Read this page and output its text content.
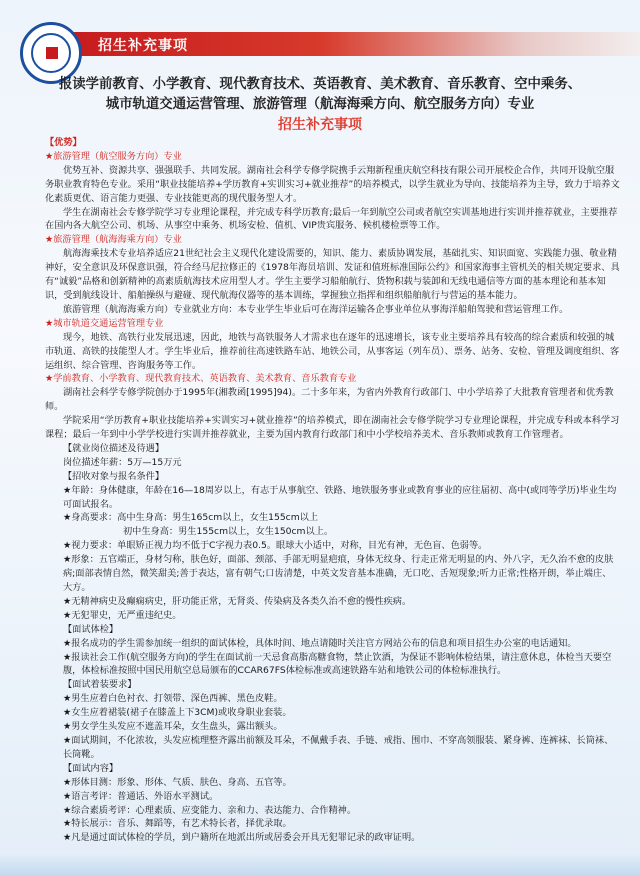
招生补充事项
报读学前教育、小学教育、现代教育技术、英语教育、美术教育、音乐教育、空中乘务、
城市轨道交通运营管理、旅游管理（航海海乘方向、航空服务方向）专业
招生补充事项

【优势】

★旅游管理（航空服务方向）专业

优势互补、资源共享、强强联手、共同发展。湖南社会科学专修学院携手云翔新程重庆航空科技有限公司开展校企合作，共同开设航空服务职业教育特色专业。采用“职业技能培养+学历教育+实训实习+就业推荐”的培养模式，以学生就业为导向、技能培养为主导，致力于培养文化素质更优、语言能力更强、专业技能更高的现代服务型人才。

学生在湖南社会专修学院学习专业理论课程，并完成专科学历教育;最后一年到航空公司或者航空实训基地进行实训并推荐就业，主要推荐在国内各大航空公司、机场、从事空中乘务、机场安检、值机、VIP贵宾服务、候机楼检票等工作。

★旅游管理（航海海乘方向）专业

航海海乘技术专业培养适应21世纪社会主义现代化建设需要的，知识、能力、素质协调发展，基础扎实、知识面宽、实践能力强、敬业精神好，安全意识及环保意识强，符合经马尼拉修正的《1978年海员培训、发证和值班标准国际公约》和国家海事主管机关的相关规定要求、具有“诚毅”品格和创新精神的高素质航海技术应用型人才。学生主要学习船舶航行、货物积载与装卸和无线电通信等方面的基本理论和基本知识，受到航线设计、船舶操纵与避碰、现代航海仪器等的基本训练，掌握独立指挥和组织船舶航行与营运的基本能力。

旅游管理（航海海乘方向）专业就业方向：本专业学生毕业后可在海洋运输各企事业单位从事海洋船舶驾驶和营运管理工作。

★城市轨道交通运营管理专业

现今，地铁、高铁行业发展迅速，因此，地铁与高铁服务人才需求也在逐年的迅速增长，该专业主要培养具有较高的综合素质和较强的城市轨道、高铁的技能型人才。学生毕业后，推荐前往高速铁路车站、地铁公司，从事客运（列车员）、票务、站务、安检、管理及调度组织、客运组织、综合管理、咨询服务等工作。

★学前教育、小学教育、现代教育技术、英语教育、美术教育、音乐教育专业

湖南社会科学专修学院创办于1995年(湘教函[1995]94)。二十多年来，为省内外教育行政部门、中小学培养了大批教育管理者和优秀教师。

学院采用“学历教育+职业技能培养+实训实习+就业推荐”的培养模式，即在湖南社会专修学院学习专业理论课程，并完成专科或本科学习课程；最后一年到中小学学校进行实训并推荐就业，主要为国内教育行政部门和中小学校培养美术、音乐教师或教育工作管理者。

【就业岗位描述及待遇】

岗位描述年薪：5万—15万元

【招收对象与报名条件】

★年龄：身体健康，年龄在16—18周岁以上，有志于从事航空、铁路、地铁服务事业或教育事业的应往届初、高中(或同等学历)毕业生均可面试报名。

★身高要求：高中生身高：男生165cm以上，女生155cm以上

初中生身高：男生155cm以上，女生150cm以上。

★视力要求：单眼矫正视力均不低于C字视力表0.5。眼球大小适中，对称，目光有神，无色盲、色弱等。

★形象：五官端正，身材匀称，肤色好，面部、颈部、手部无明显疤痕，身体无纹身、行走正常无明显的内、外八字，无久治不愈的皮肤病;面部表情自然，微笑甜美;善于表达，富有朝气;口齿清楚，中英文发音基本准确，无口吃、舌短现象;听力正常;性格开朗，举止端庄、大方。

★无精神病史及癫痫病史，肝功能正常，无肾炎、传染病及各类久治不愈的慢性疾病。

★无犯罪史，无严重违纪史。

【面试体检】

★报名成功的学生需参加统一组织的面试体检，具体时间、地点请随时关注官方网站公布的信息和项目招生办公室的电话通知。

★报读社会工作(航空服务方向)的学生在面试前一天忌食高脂高糖食物，禁止饮酒，为保证不影响体检结果，请注意休息，体检当天要空腹，体检标准按照中国民用航空总局颁布的CCAR67FS体检标准或高速铁路车站和地铁公司的体检标准执行。

【面试着装要求】

★男生应着白色衬衣、打领带、深色西裤、黑色皮鞋。

★女生应着裙装(裙子在膝盖上下3CM)或收身职业套装。

★男女学生头发应不遮盖耳朵，女生盘头，露出额头。

★面试期间，不化浓妆，头发应梳理整齐露出前额及耳朵，不佩戴手表、手链、戒指、围巾、不穿高领服装、紧身裤、连裤袜、长筒袜、长筒靴。

【面试内容】

★形体目测：形象、形体、气质、肤色、身高、五官等。

★语言考评：普通话、外语水平测试。

★综合素质考评：心理素质、应变能力、亲和力、表达能力、合作精神。

★特长展示：音乐、舞蹈等，有艺术特长者，择优录取。

★凡是通过面试体检的学员，到户籍所在地派出所或居委会开具无犯罪记录的政审证明。
